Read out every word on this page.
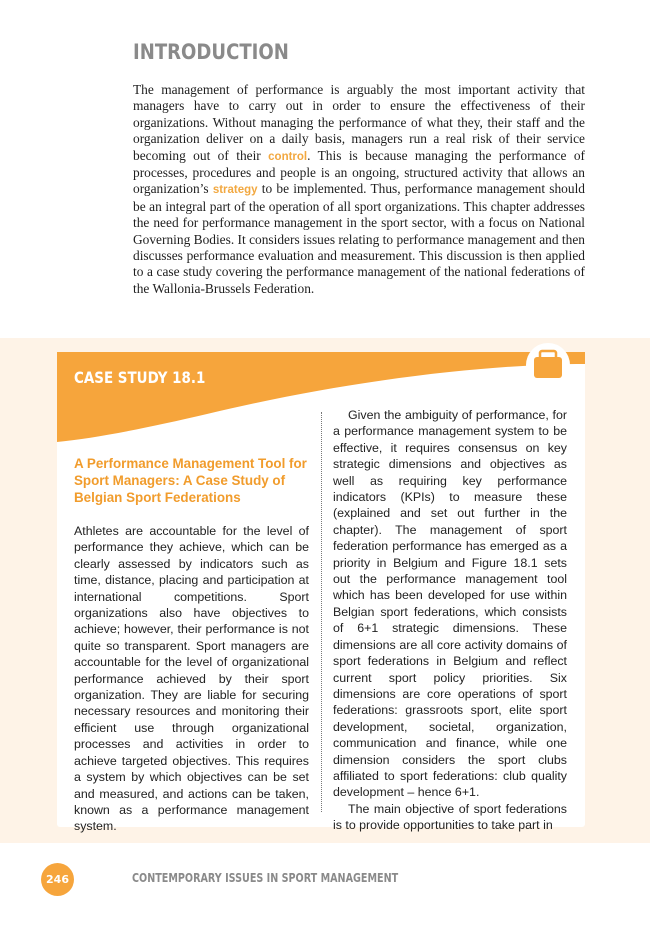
INTRODUCTION

The management of performance is arguably the most important activity that managers have to carry out in order to ensure the effectiveness of their organizations. Without managing the performance of what they, their staff and the organization deliver on a daily basis, managers run a real risk of their service becoming out of their control. This is because managing the performance of processes, procedures and people is an ongoing, structured activity that allows an organization’s strategy to be implemented. Thus, performance management should be an integral part of the operation of all sport organizations. This chapter addresses the need for performance management in the sport sector, with a focus on National Governing Bodies. It considers issues relating to performance management and then discusses performance evaluation and measurement. This discussion is then applied to a case study covering the performance management of the national federations of the Wallonia-Brussels Federation.

CASE STUDY 18.1
A Performance Management Tool for Sport Managers: A Case Study of Belgian Sport Federations

Athletes are accountable for the level of performance they achieve, which can be clearly assessed by indicators such as time, distance, placing and participation at international competitions. Sport organizations also have objectives to achieve; however, their performance is not quite so transparent. Sport managers are accountable for the level of organizational performance achieved by their sport organization. They are liable for securing necessary resources and monitoring their efficient use through organizational processes and activities in order to achieve targeted objectives. This requires a system by which objectives can be set and measured, and actions can be taken, known as a performance management system.

Given the ambiguity of performance, for a performance management system to be effective, it requires consensus on key strategic dimensions and objectives as well as requiring key performance indicators (KPIs) to measure these (explained and set out further in the chapter). The management of sport federation performance has emerged as a priority in Belgium and Figure 18.1 sets out the performance management tool which has been developed for use within Belgian sport federations, which consists of 6+1 strategic dimensions. These dimensions are all core activity domains of sport federations in Belgium and reflect current sport policy priorities. Six dimensions are core operations of sport federations: grassroots sport, elite sport development, societal, organization, communication and finance, while one dimension considers the sport clubs affiliated to sport federations: club quality development – hence 6+1.

The main objective of sport federations is to provide opportunities to take part in

246	CONTEMPORARY ISSUES IN SPORT MANAGEMENT
